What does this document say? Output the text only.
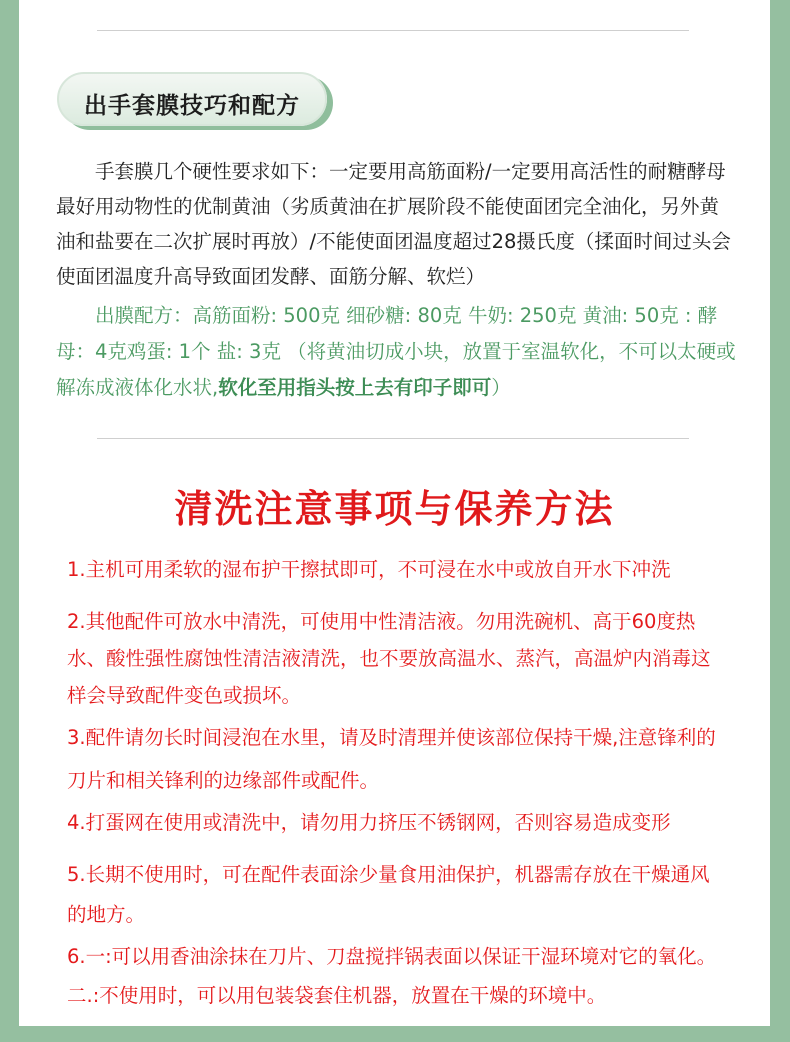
出手套膜技巧和配方

手套膜几个硬性要求如下：一定要用高筋面粉/一定要用高活性的耐糖酵母最好用动物性的优制黄油（劣质黄油在扩展阶段不能使面团完全油化，另外黄油和盐要在二次扩展时再放）/不能使面团温度超过28摄氏度（揉面时间过头会使面团温度升高导致面团发酵、面筋分解、软烂）

出膜配方：高筋面粉: 500克 细砂糖: 80克 牛奶: 250克 黄油: 50克 : 酵母：4克鸡蛋: 1个 盐: 3克 （将黄油切成小块，放置于室温软化，不可以太硬或解冻成液体化水状,软化至用指头按上去有印子即可）

清洗注意事项与保养方法

1.主机可用柔软的湿布护干擦拭即可，不可浸在水中或放自开水下冲洗

2.其他配件可放水中清洗，可使用中性清洁液。勿用洗碗机、高于60度热水、酸性强性腐蚀性清洁液清洗，也不要放高温水、蒸汽，高温炉内消毒这样会导致配件变色或损坏。

3.配件请勿长时间浸泡在水里，请及时清理并使该部位保持干燥,注意锋利的刀片和相关锋利的边缘部件或配件。

4.打蛋网在使用或清洗中，请勿用力挤压不锈钢网，否则容易造成变形

5.长期不使用时，可在配件表面涂少量食用油保护，机器需存放在干燥通风的地方。

6.一:可以用香油涂抹在刀片、刀盘搅拌锅表面以保证干湿环境对它的氧化。二.:不使用时，可以用包装袋套住机器，放置在干燥的环境中。
